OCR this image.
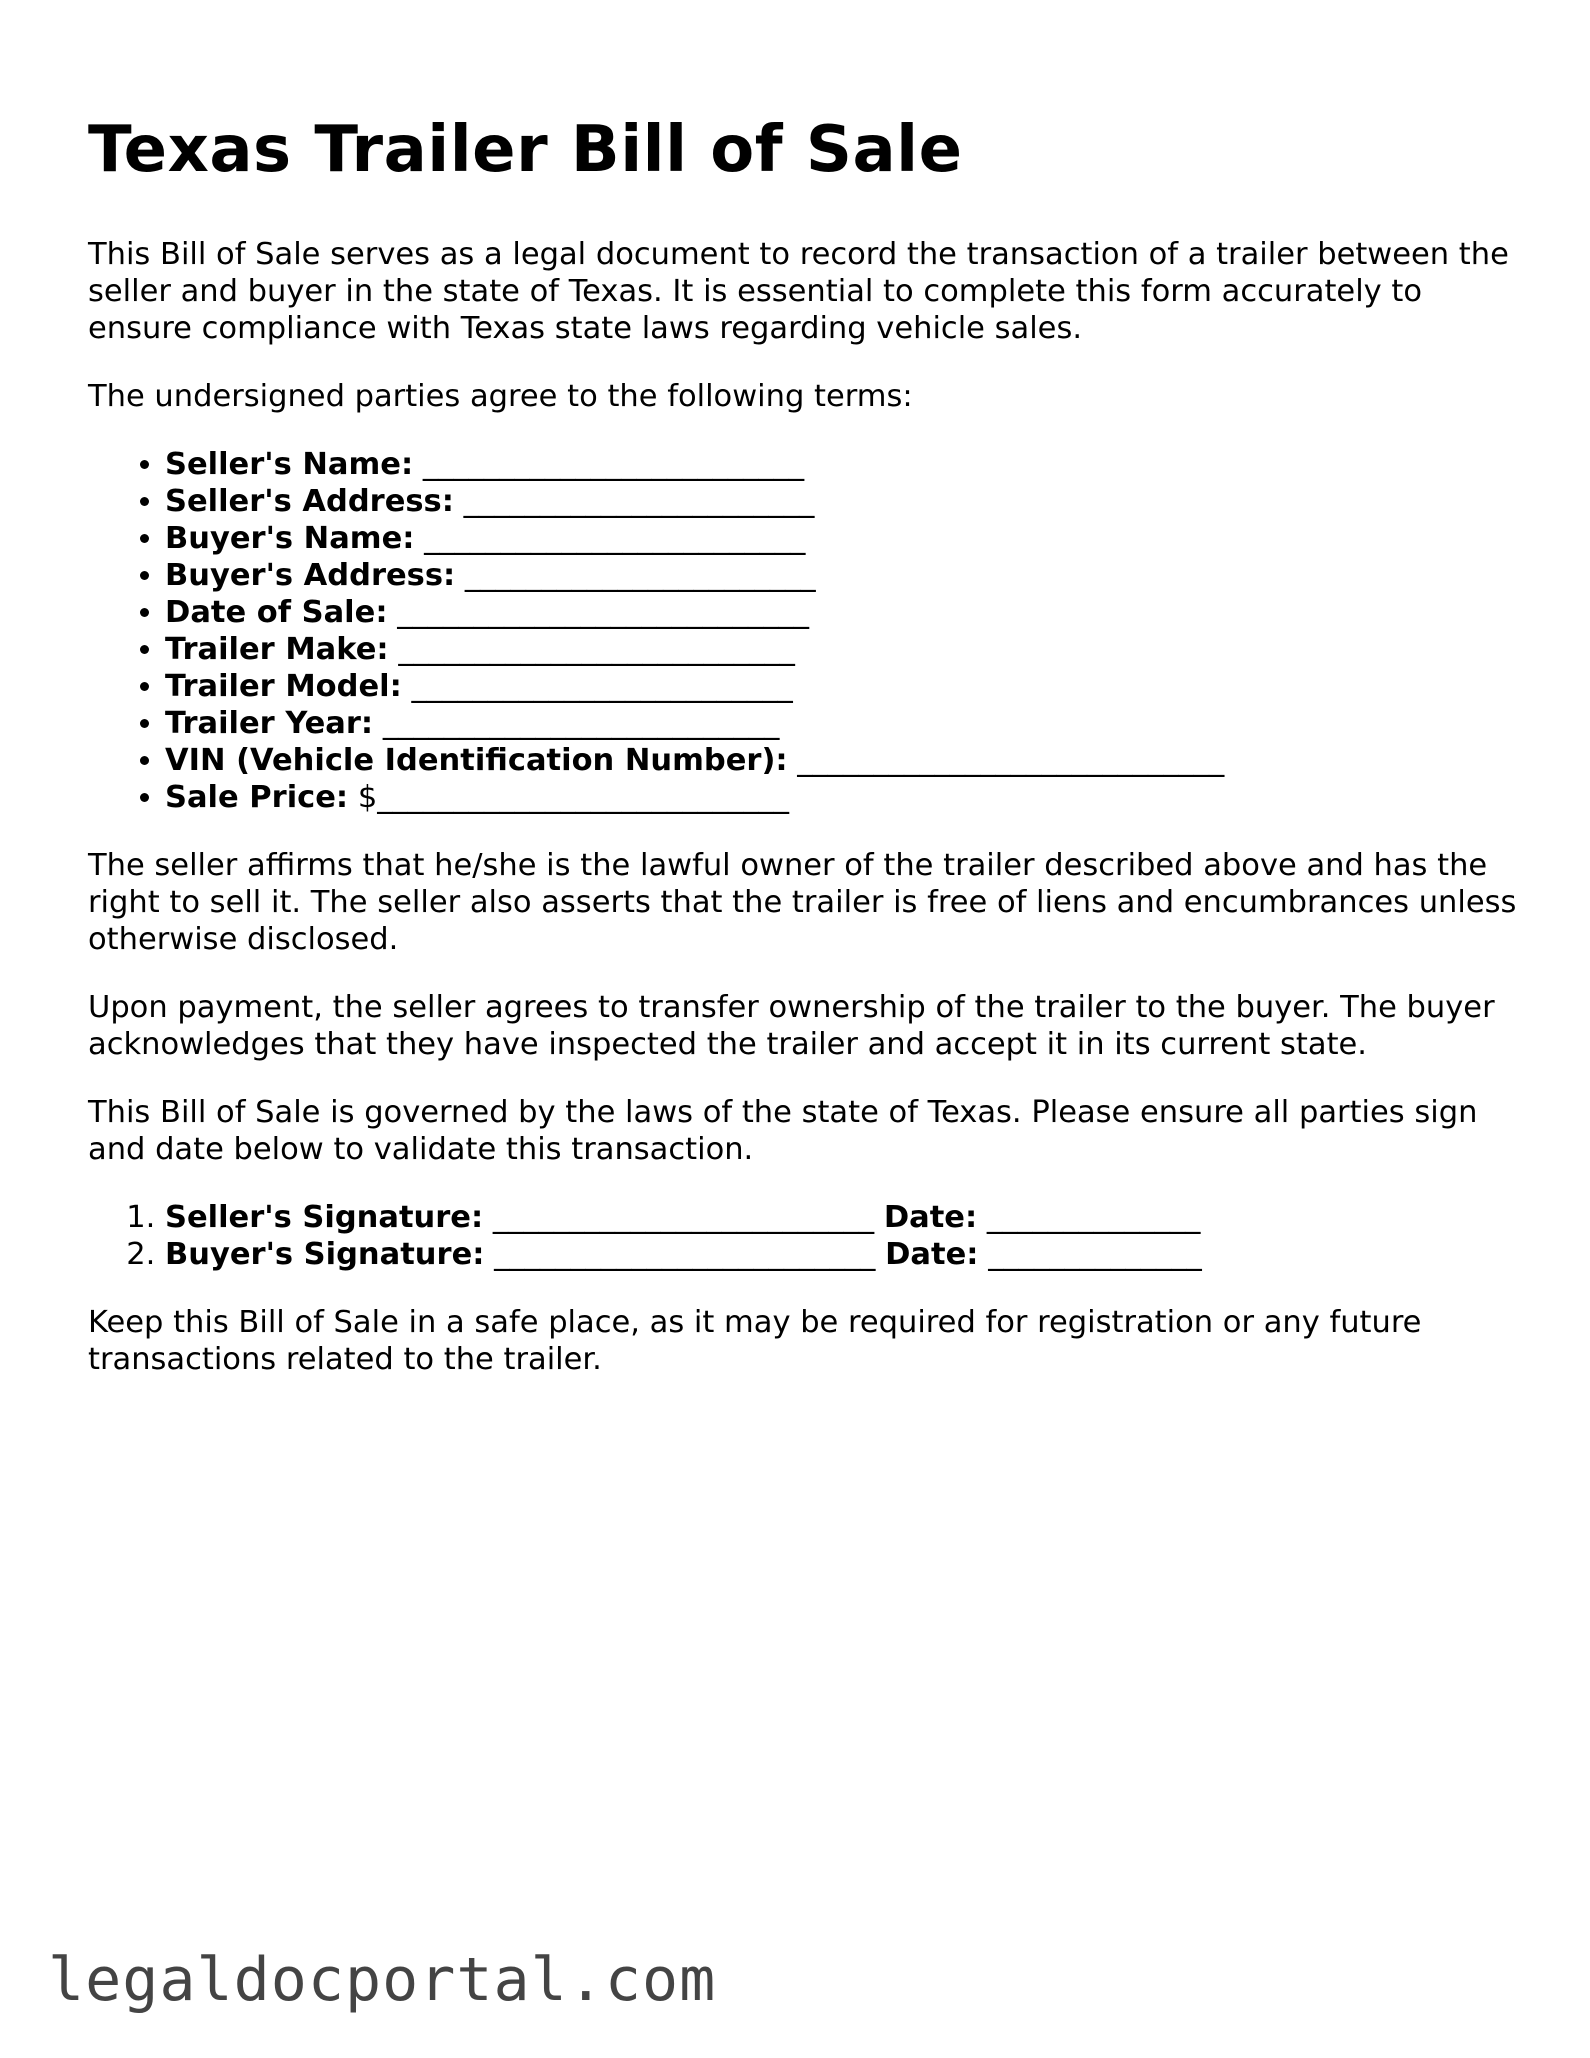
Texas Trailer Bill of Sale

This Bill of Sale serves as a legal document to record the transaction of a trailer between the seller and buyer in the state of Texas. It is essential to complete this form accurately to ensure compliance with Texas state laws regarding vehicle sales.

The undersigned parties agree to the following terms:

• Seller's Name: _________________________
• Seller's Address: _______________________
• Buyer's Name: _________________________
• Buyer's Address: _______________________
• Date of Sale: ___________________________
• Trailer Make: __________________________
• Trailer Model: _________________________
• Trailer Year: __________________________
• VIN (Vehicle Identification Number): ____________________________
• Sale Price: $___________________________

The seller affirms that he/she is the lawful owner of the trailer described above and has the right to sell it. The seller also asserts that the trailer is free of liens and encumbrances unless otherwise disclosed.

Upon payment, the seller agrees to transfer ownership of the trailer to the buyer. The buyer acknowledges that they have inspected the trailer and accept it in its current state.

This Bill of Sale is governed by the laws of the state of Texas. Please ensure all parties sign and date below to validate this transaction.

1. Seller's Signature: _________________________ Date: ______________
2. Buyer's Signature: _________________________ Date: ______________

Keep this Bill of Sale in a safe place, as it may be required for registration or any future transactions related to the trailer.

legaldocportal.com
